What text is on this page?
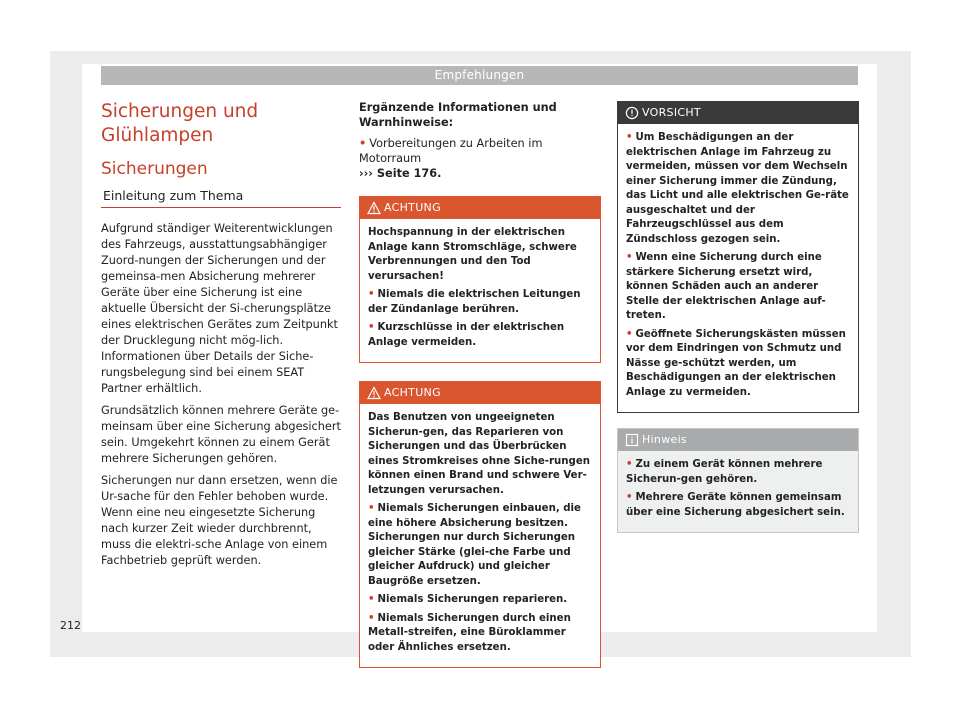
Empfehlungen
Sicherungen und
Glühlampen
Sicherungen
Einleitung zum Thema

Aufgrund ständiger Weiterentwicklungen des Fahrzeugs, ausstattungsabhängiger Zuord-nungen der Sicherungen und der gemeinsa-men Absicherung mehrerer Geräte über eine Sicherung ist eine aktuelle Übersicht der Si-cherungsplätze eines elektrischen Gerätes zum Zeitpunkt der Drucklegung nicht mög-lich. Informationen über Details der Siche-rungsbelegung sind bei einem SEAT Partner erhältlich.

Grundsätzlich können mehrere Geräte ge-meinsam über eine Sicherung abgesichert sein. Umgekehrt können zu einem Gerät mehrere Sicherungen gehören.

Sicherungen nur dann ersetzen, wenn die Ur-sache für den Fehler behoben wurde. Wenn eine neu eingesetzte Sicherung nach kurzer Zeit wieder durchbrennt, muss die elektri-sche Anlage von einem Fachbetrieb geprüft werden.

Ergänzende Informationen und Warnhinweise:

• Vorbereitungen zu Arbeiten im Motorraum
››› Seite 176.

ACHTUNG

Hochspannung in der elektrischen Anlage kann Stromschläge, schwere Verbrennungen und den Tod verursachen!

• Niemals die elektrischen Leitungen der Zündanlage berühren.

• Kurzschlüsse in der elektrischen Anlage vermeiden.

ACHTUNG

Das Benutzen von ungeeigneten Sicherun-gen, das Reparieren von Sicherungen und das Überbrücken eines Stromkreises ohne Siche-rungen können einen Brand und schwere Ver-letzungen verursachen.

• Niemals Sicherungen einbauen, die eine höhere Absicherung besitzen. Sicherungen nur durch Sicherungen gleicher Stärke (glei-che Farbe und gleicher Aufdruck) und gleicher Baugröße ersetzen.

• Niemals Sicherungen reparieren.

• Niemals Sicherungen durch einen Metall-streifen, eine Büroklammer oder Ähnliches ersetzen.

VORSICHT

• Um Beschädigungen an der elektrischen Anlage im Fahrzeug zu vermeiden, müssen vor dem Wechseln einer Sicherung immer die Zündung, das Licht und alle elektrischen Ge-räte ausgeschaltet und der Fahrzeugschlüssel aus dem Zündschloss gezogen sein.

• Wenn eine Sicherung durch eine stärkere Sicherung ersetzt wird, können Schäden auch an anderer Stelle der elektrischen Anlage auf-treten.

• Geöffnete Sicherungskästen müssen vor dem Eindringen von Schmutz und Nässe ge-schützt werden, um Beschädigungen an der elektrischen Anlage zu vermeiden.

Hinweis

• Zu einem Gerät können mehrere Sicherun-gen gehören.

• Mehrere Geräte können gemeinsam über eine Sicherung abgesichert sein.

212
